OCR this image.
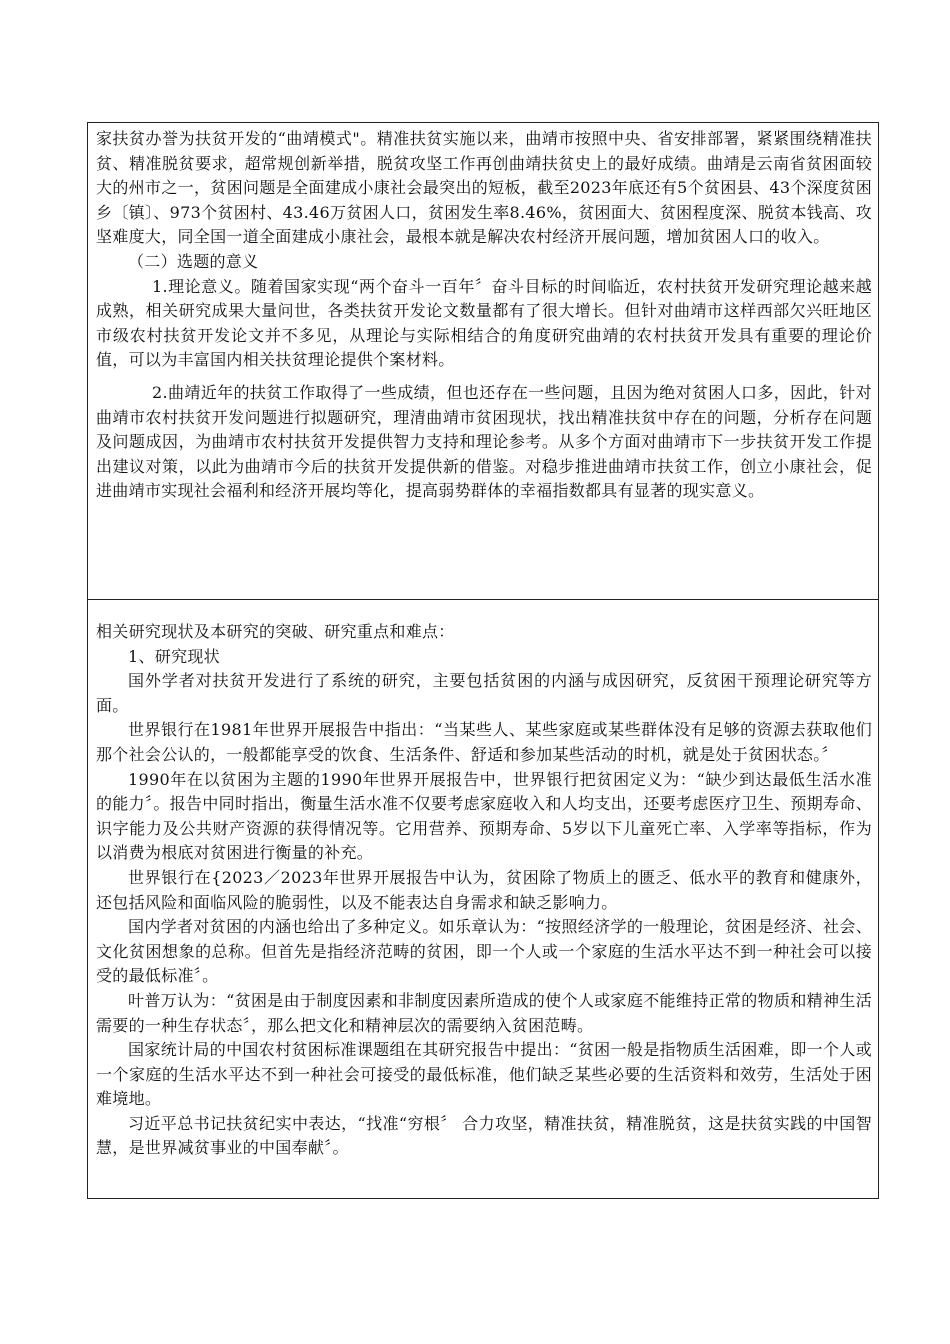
家扶贫办誉为扶贫开发的“曲靖模式"。精准扶贫实施以来，曲靖市按照中央、省安排部署，紧紧围绕精准扶贫、精准脱贫要求，超常规创新举措，脱贫攻坚工作再创曲靖扶贫史上的最好成绩。曲靖是云南省贫困面较大的州市之一，贫困问题是全面建成小康社会最突出的短板，截至2023年底还有5个贫困县、43个深度贫困乡〔镇〕、973个贫困村、43.46万贫困人口，贫困发生率8.46%，贫困面大、贫困程度深、脱贫本钱高、攻坚难度大，同全国一道全面建成小康社会，最根本就是解决农村经济开展问题，增加贫困人口的收入。

（二）选题的意义

1.理论意义。随着国家实现“两个奋斗一百年〞奋斗目标的时间临近，农村扶贫开发研究理论越来越成熟，相关研究成果大量问世，各类扶贫开发论文数量都有了很大增长。但针对曲靖市这样西部欠兴旺地区市级农村扶贫开发论文并不多见，从理论与实际相结合的角度研究曲靖的农村扶贫开发具有重要的理论价值，可以为丰富国内相关扶贫理论提供个案材料。

2.曲靖近年的扶贫工作取得了一些成绩，但也还存在一些问题，且因为绝对贫困人口多，因此，针对曲靖市农村扶贫开发问题进行拟题研究，理清曲靖市贫困现状，找出精准扶贫中存在的问题，分析存在问题及问题成因，为曲靖市农村扶贫开发提供智力支持和理论参考。从多个方面对曲靖市下一步扶贫开发工作提出建议对策，以此为曲靖市今后的扶贫开发提供新的借鉴。对稳步推进曲靖市扶贫工作，创立小康社会，促进曲靖市实现社会福利和经济开展均等化，提高弱势群体的幸福指数都具有显著的现实意义。

相关研究现状及本研究的突破、研究重点和难点：

1、研究现状

国外学者对扶贫开发进行了系统的研究，主要包括贫困的内涵与成因研究，反贫困干预理论研究等方面。

世界银行在1981年世界开展报告中指出：“当某些人、某些家庭或某些群体没有足够的资源去获取他们那个社会公认的，一般都能享受的饮食、生活条件、舒适和参加某些活动的时机，就是处于贫困状态。〞

1990年在以贫困为主题的1990年世界开展报告中，世界银行把贫困定义为：“缺少到达最低生活水准的能力〞。报告中同时指出，衡量生活水准不仅要考虑家庭收入和人均支出，还要考虑医疗卫生、预期寿命、识字能力及公共财产资源的获得情况等。它用营养、预期寿命、5岁以下儿童死亡率、入学率等指标，作为以消费为根底对贫困进行衡量的补充。

世界银行在{2023／2023年世界开展报告中认为，贫困除了物质上的匮乏、低水平的教育和健康外，还包括风险和面临风险的脆弱性，以及不能表达自身需求和缺乏影响力。

国内学者对贫困的内涵也给出了多种定义。如乐章认为：“按照经济学的一般理论，贫困是经济、社会、文化贫困想象的总称。但首先是指经济范畴的贫困，即一个人或一个家庭的生活水平达不到一种社会可以接受的最低标准〞。

叶普万认为：“贫困是由于制度因素和非制度因素所造成的使个人或家庭不能维持正常的物质和精神生活需要的一种生存状态〞，那么把文化和精神层次的需要纳入贫困范畴。

国家统计局的中国农村贫困标准课题组在其研究报告中提出：“贫困一般是指物质生活困难，即一个人或一个家庭的生活水平达不到一种社会可接受的最低标准，他们缺乏某些必要的生活资料和效劳，生活处于困难境地。

习近平总书记扶贫纪实中表达，“找准“穷根〞 合力攻坚，精准扶贫，精准脱贫，这是扶贫实践的中国智慧，是世界减贫事业的中国奉献〞。
